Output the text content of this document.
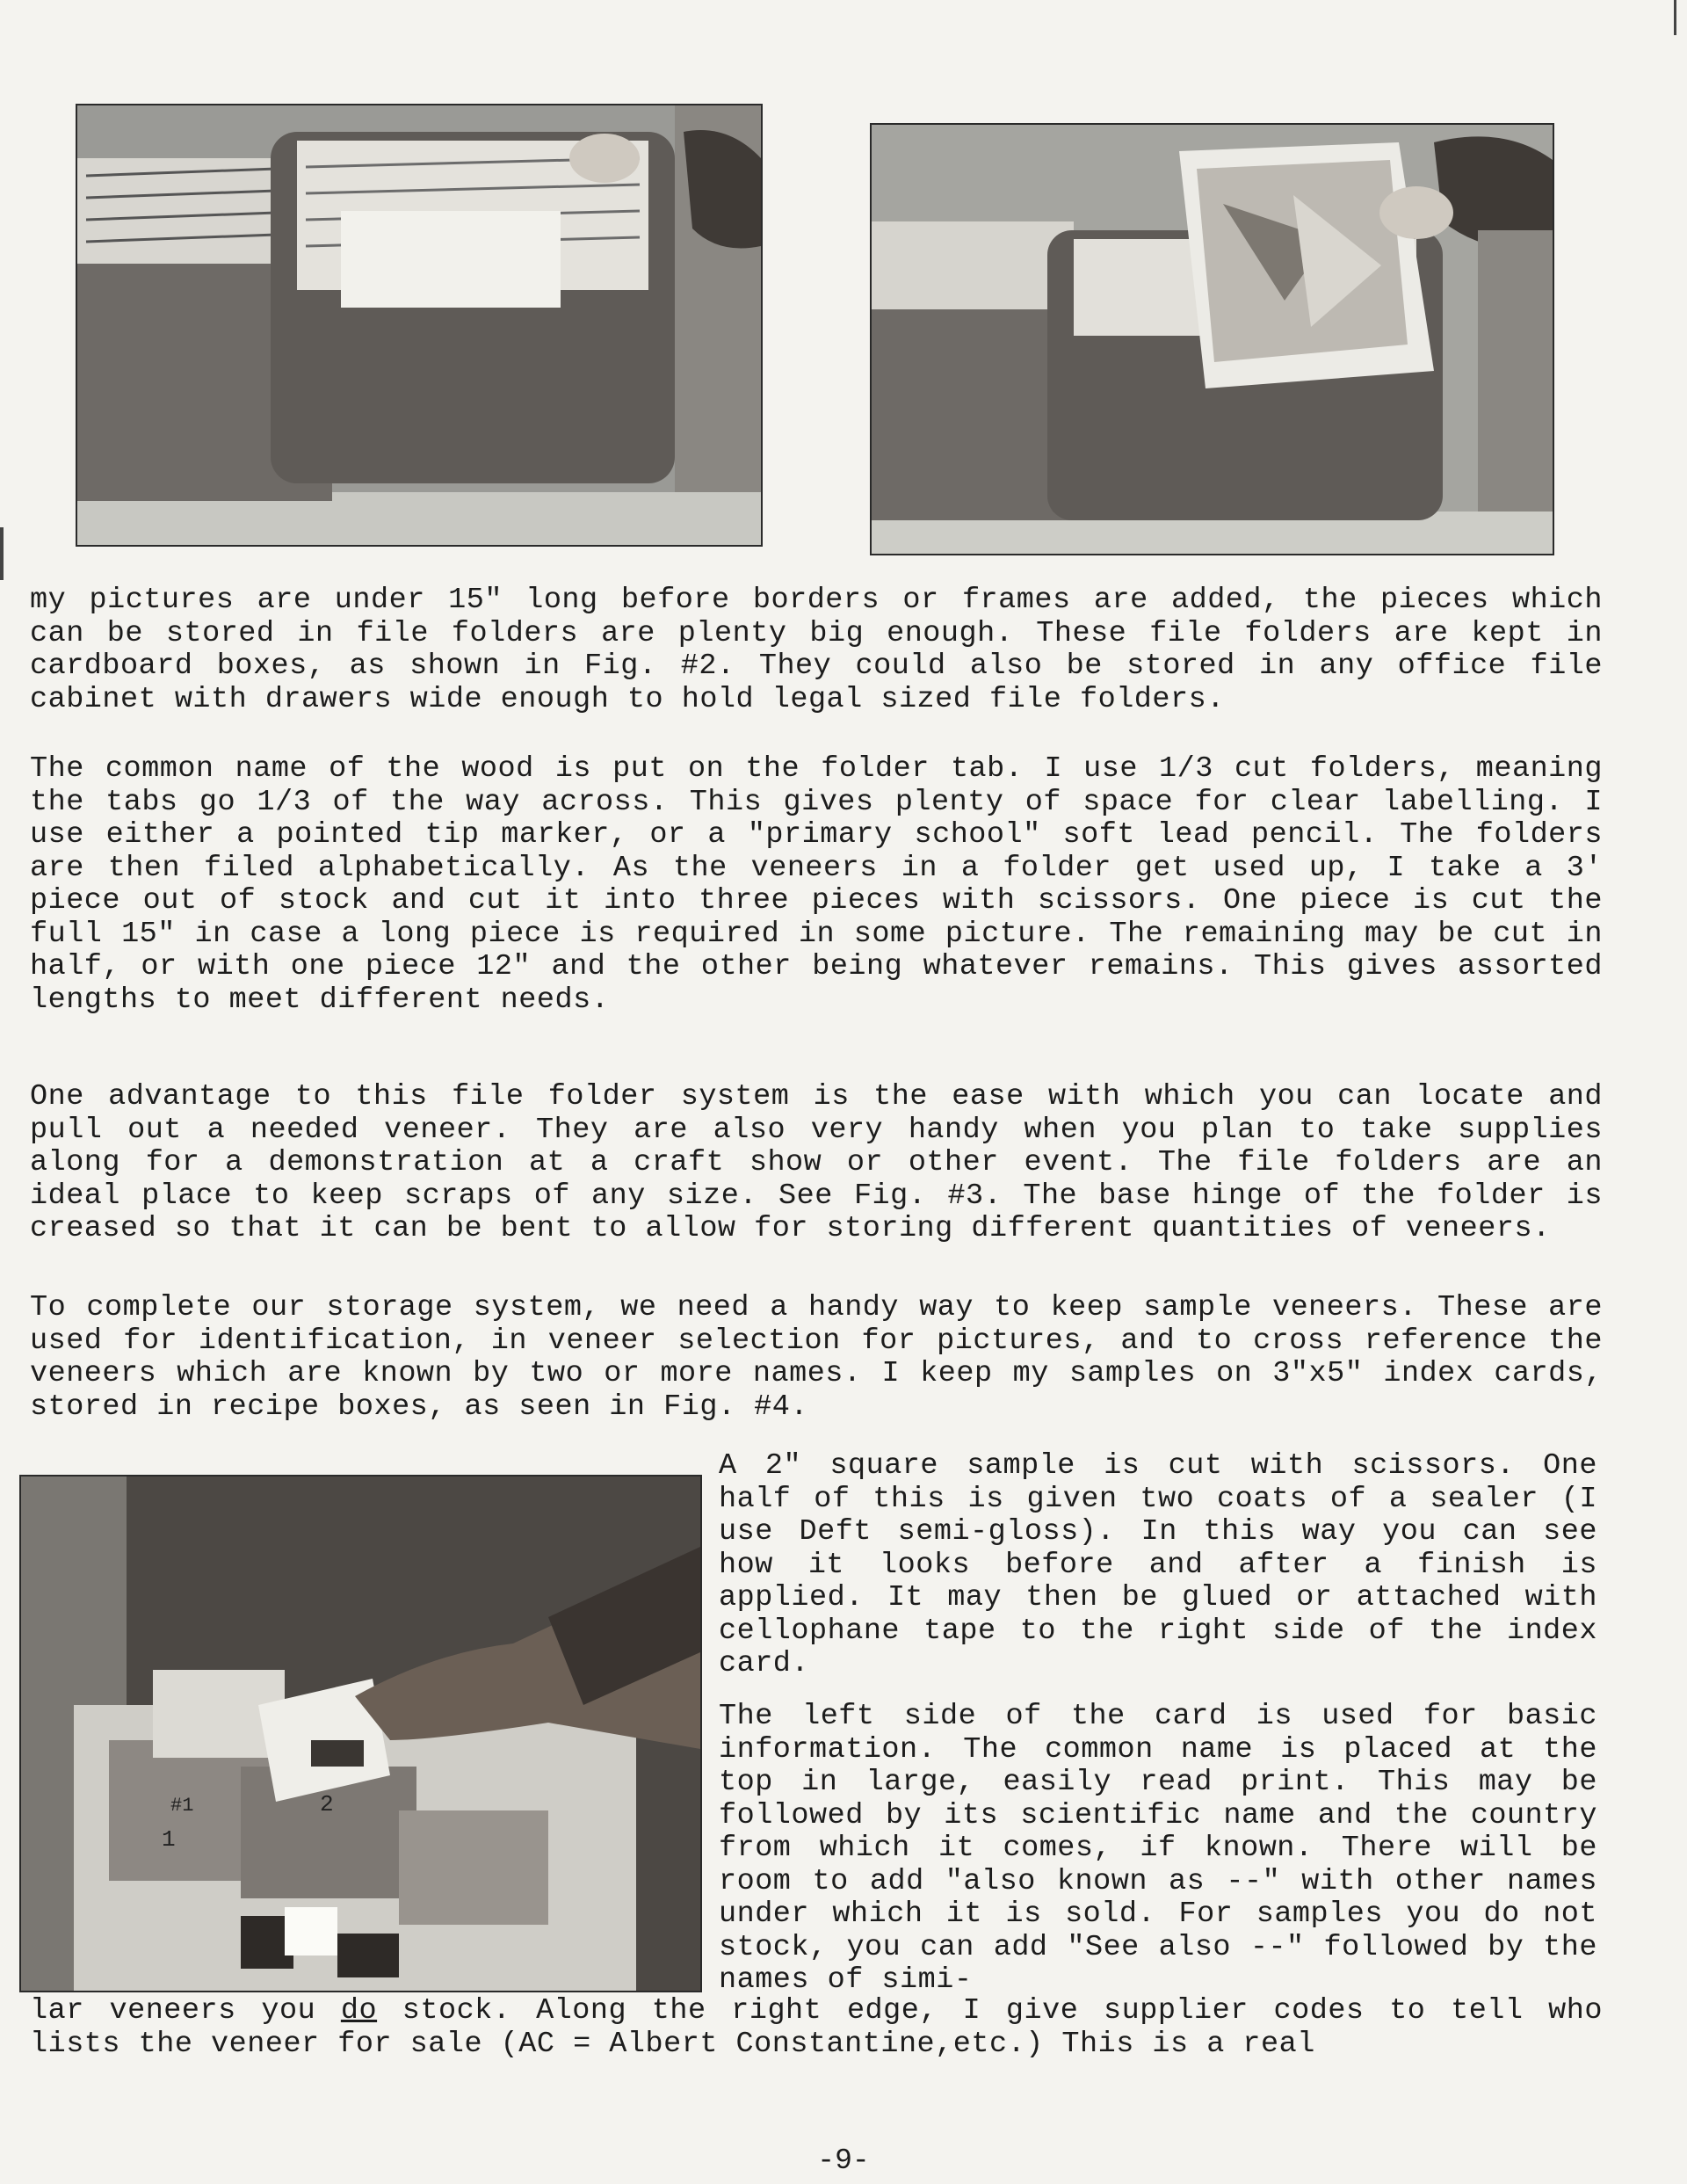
my pictures are under 15" long before borders or frames are added, the pieces which can be stored in file folders are plenty big enough. These file folders are kept in cardboard boxes, as shown in Fig. #2. They could also be stored in any office file cabinet with drawers wide enough to hold legal sized file folders.

The common name of the wood is put on the folder tab. I use 1/3 cut folders, meaning the tabs go 1/3 of the way across. This gives plenty of space for clear labelling. I use either a pointed tip marker, or a "primary school" soft lead pencil. The folders are then filed alphabetically. As the veneers in a folder get used up, I take a 3' piece out of stock and cut it into three pieces with scissors. One piece is cut the full 15" in case a long piece is required in some picture. The remaining may be cut in half, or with one piece 12" and the other being whatever remains. This gives assorted lengths to meet different needs.

One advantage to this file folder system is the ease with which you can locate and pull out a needed veneer. They are also very handy when you plan to take supplies along for a demonstration at a craft show or other event. The file folders are an ideal place to keep scraps of any size. See Fig. #3. The base hinge of the folder is creased so that it can be bent to allow for storing different quantities of veneers.

To complete our storage system, we need a handy way to keep sample veneers. These are used for identification, in veneer selection for pictures, and to cross reference the veneers which are known by two or more names. I keep my samples on 3"x5" index cards, stored in recipe boxes, as seen in Fig. #4.

#1
1
2

A 2" square sample is cut with scissors. One half of this is given two coats of a sealer (I use Deft semi-gloss). In this way you can see how it looks before and after a finish is applied. It may then be glued or attached with cellophane tape to the right side of the index card.

The left side of the card is used for basic information. The common name is placed at the top in large, easily read print. This may be followed by its scientific name and the country from which it comes, if known. There will be room to add "also known as --" with other names under which it is sold. For samples you do not stock, you can add "See also --" followed by the names of simi-

lar veneers you do stock. Along the right edge, I give supplier codes to tell who lists the veneer for sale (AC = Albert Constantine,etc.) This is a real

-9-
